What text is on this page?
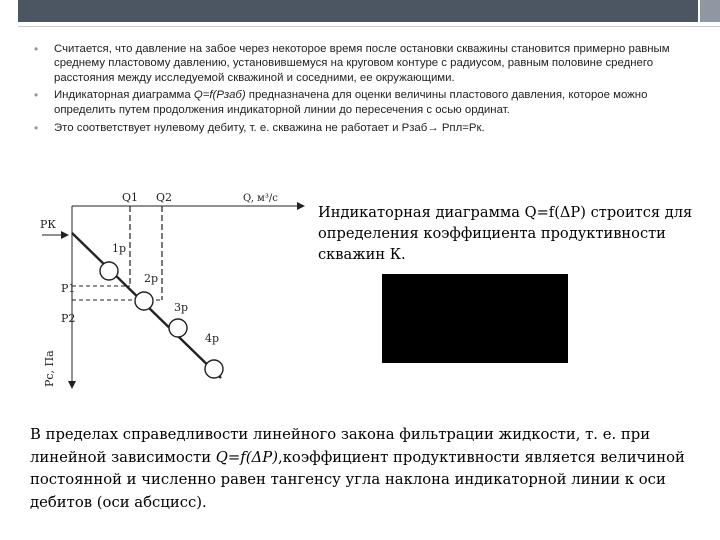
• Считается, что давление на забое через некоторое время после остановки скважины становится примерно равным среднему пластовому давлению, установившемуся на круговом контуре с радиусом, равным половине среднего расстояния между исследуемой скважиной и соседними, ее окружающими.
• Индикаторная диаграмма Q=f(Рзаб) предназначена для оценки величины пластового давления, которое можно определить путем продолжения индикаторной линии до пересечения с осью ординат.
• Это соответствует нулевому дебиту, т. е. скважина не работает и Рзаб→ Рпл=Рк.
Q1 Q2	Q, м³/с
РК
Р1
Р2
Рс, Па
1р
2р
3р
4р

Индикаторная диаграмма Q=f(ΔP) строится для определения коэффициента продуктивности скважин К.

В пределах справедливости линейного закона фильтрации жидкости, т. е. при линейной зависимости Q=f(ΔP),коэффициент продуктивности является величиной постоянной и численно равен тангенсу угла наклона индикаторной линии к оси дебитов (оси абсцисс).
